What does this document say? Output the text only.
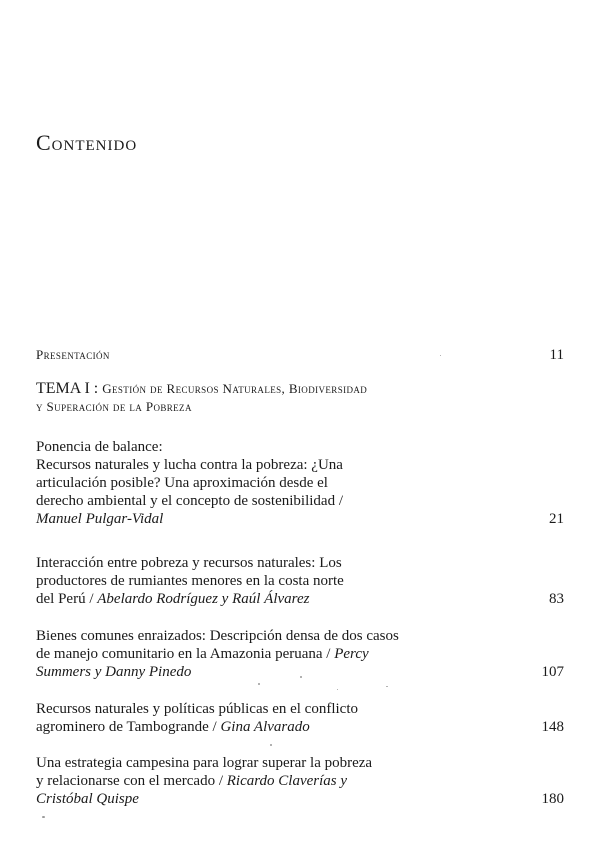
Contenido
Presentación	11
TEMA I : Gestión de Recursos Naturales, Biodiversidad
y Superación de la Pobreza
Ponencia de balance:
Recursos naturales y lucha contra la pobreza: ¿Una
articulación posible? Una aproximación desde el
derecho ambiental y el concepto de sostenibilidad /
Manuel Pulgar-Vidal	21
Interacción entre pobreza y recursos naturales: Los
productores de rumiantes menores en la costa norte
del Perú / Abelardo Rodríguez y Raúl Álvarez	83
Bienes comunes enraizados: Descripción densa de dos casos
de manejo comunitario en la Amazonia peruana / Percy
Summers y Danny Pinedo	107
Recursos naturales y políticas públicas en el conflicto
agrominero de Tambogrande / Gina Alvarado	148
Una estrategia campesina para lograr superar la pobreza
y relacionarse con el mercado / Ricardo Claverías y
Cristóbal Quispe	180
